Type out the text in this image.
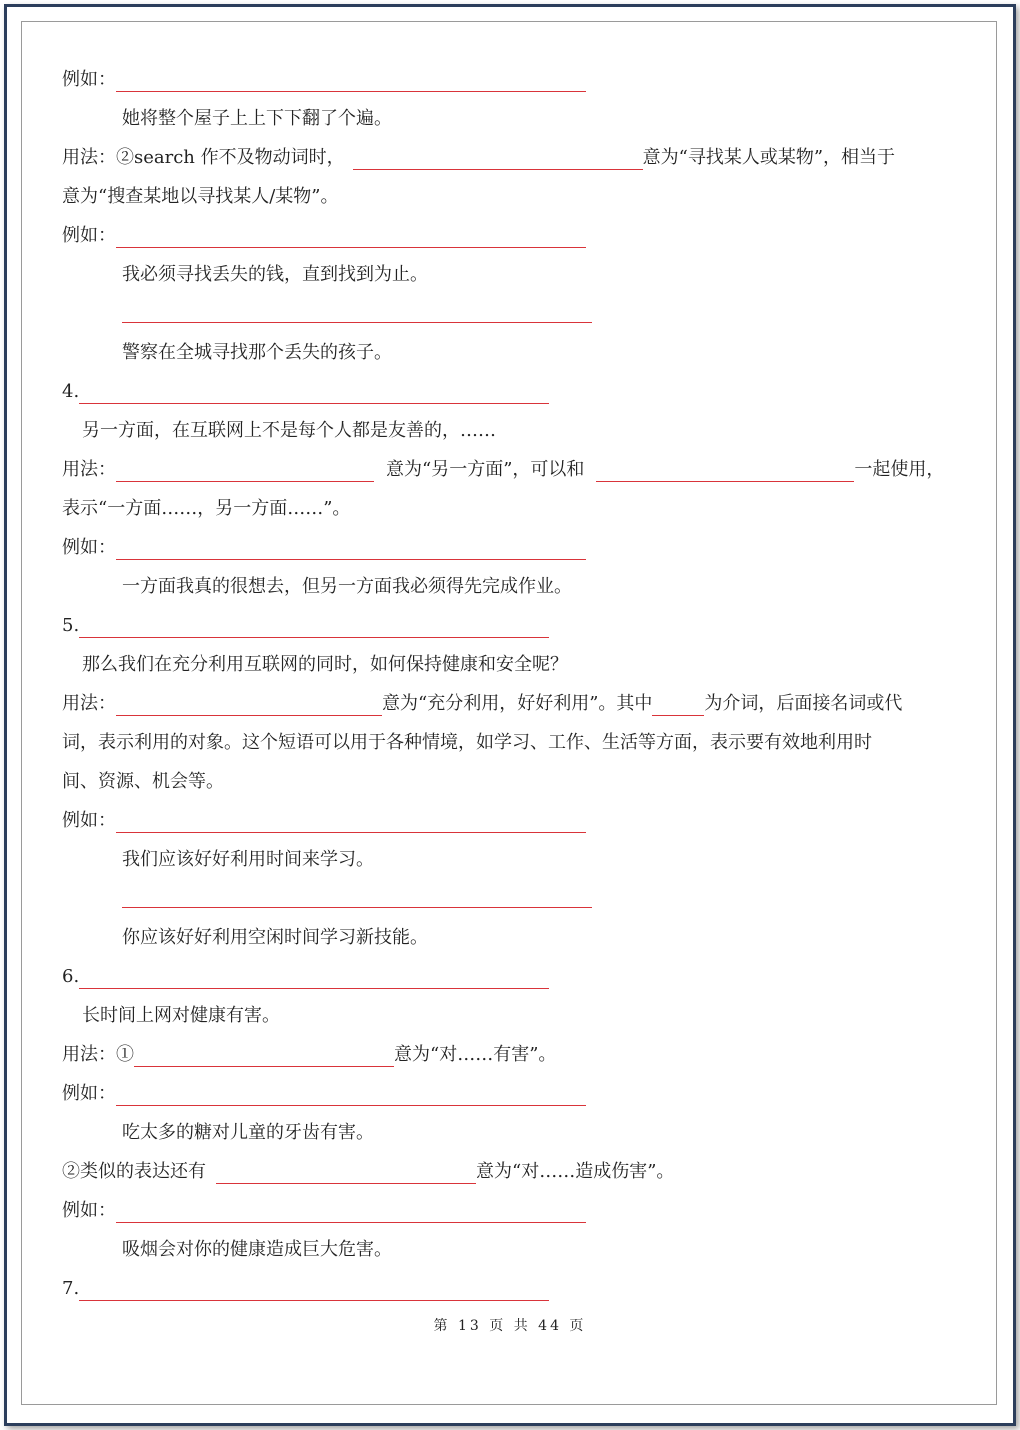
例如：
她将整个屋子上上下下翻了个遍。
用法：②search 作不及物动词时，	意为“寻找某人或某物”，相当于
意为“搜查某地以寻找某人/某物”。
例如：
我必须寻找丢失的钱，直到找到为止。
警察在全城寻找那个丢失的孩子。
4.
另一方面，在互联网上不是每个人都是友善的，……
用法：	意为“另一方面”，可以和	一起使用，
表示“一方面……，另一方面……”。
例如：
一方面我真的很想去，但另一方面我必须得先完成作业。
5.
那么我们在充分利用互联网的同时，如何保持健康和安全呢？
用法：	意为“充分利用，好好利用”。其中	为介词，后面接名词或代
词，表示利用的对象。这个短语可以用于各种情境，如学习、工作、生活等方面，表示要有效地利用时
间、资源、机会等。
例如：
我们应该好好利用时间来学习。
你应该好好利用空闲时间学习新技能。
6.
长时间上网对健康有害。
用法：①	意为“对……有害”。
例如：
吃太多的糖对儿童的牙齿有害。
②类似的表达还有	意为“对……造成伤害”。
例如：
吸烟会对你的健康造成巨大危害。
7.
第 13 页 共 44 页
